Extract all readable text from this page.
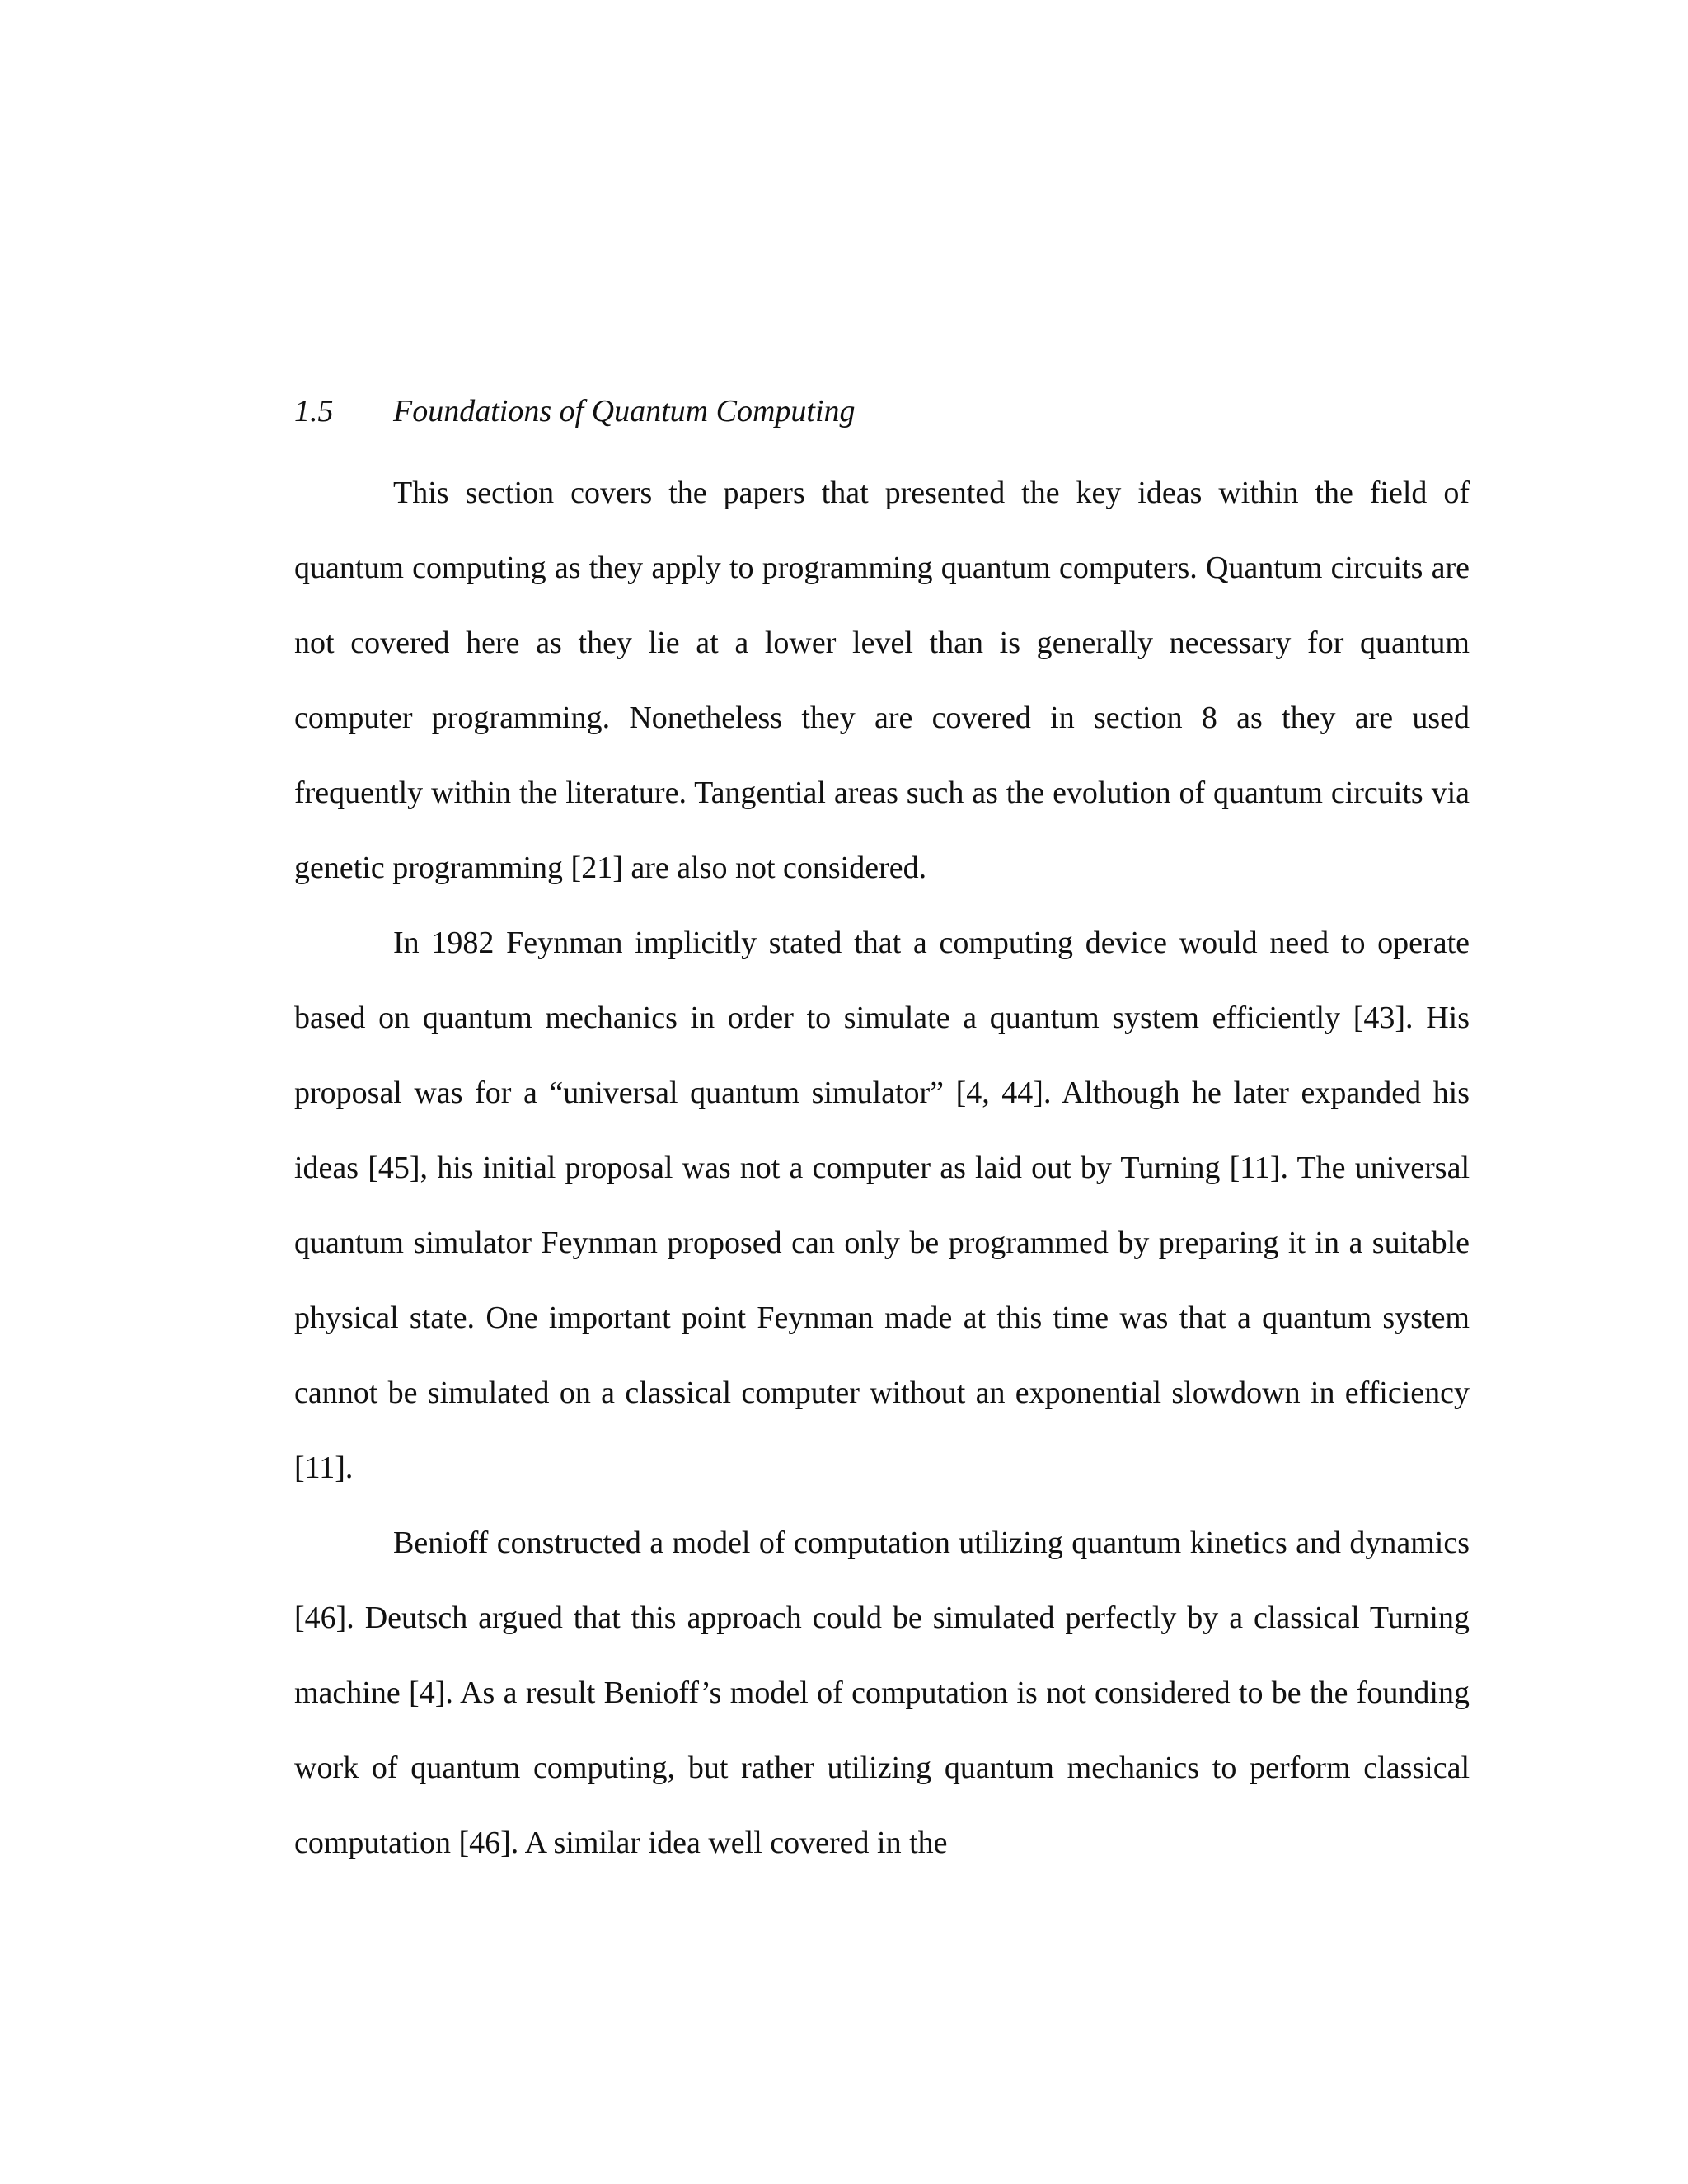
1.5 Foundations of Quantum Computing

This section covers the papers that presented the key ideas within the field of quantum computing as they apply to programming quantum computers. Quantum circuits are not covered here as they lie at a lower level than is generally necessary for quantum computer programming. Nonetheless they are covered in section 8 as they are used frequently within the literature. Tangential areas such as the evolution of quantum circuits via genetic programming [21] are also not considered.

In 1982 Feynman implicitly stated that a computing device would need to operate based on quantum mechanics in order to simulate a quantum system efficiently [43]. His proposal was for a “universal quantum simulator” [4, 44]. Although he later expanded his ideas [45], his initial proposal was not a computer as laid out by Turning [11]. The universal quantum simulator Feynman proposed can only be programmed by preparing it in a suitable physical state. One important point Feynman made at this time was that a quantum system cannot be simulated on a classical computer without an exponential slowdown in efficiency [11].

Benioff constructed a model of computation utilizing quantum kinetics and dynamics [46]. Deutsch argued that this approach could be simulated perfectly by a classical Turning machine [4]. As a result Benioff’s model of computation is not considered to be the founding work of quantum computing, but rather utilizing quantum mechanics to perform classical computation [46]. A similar idea well covered in the
